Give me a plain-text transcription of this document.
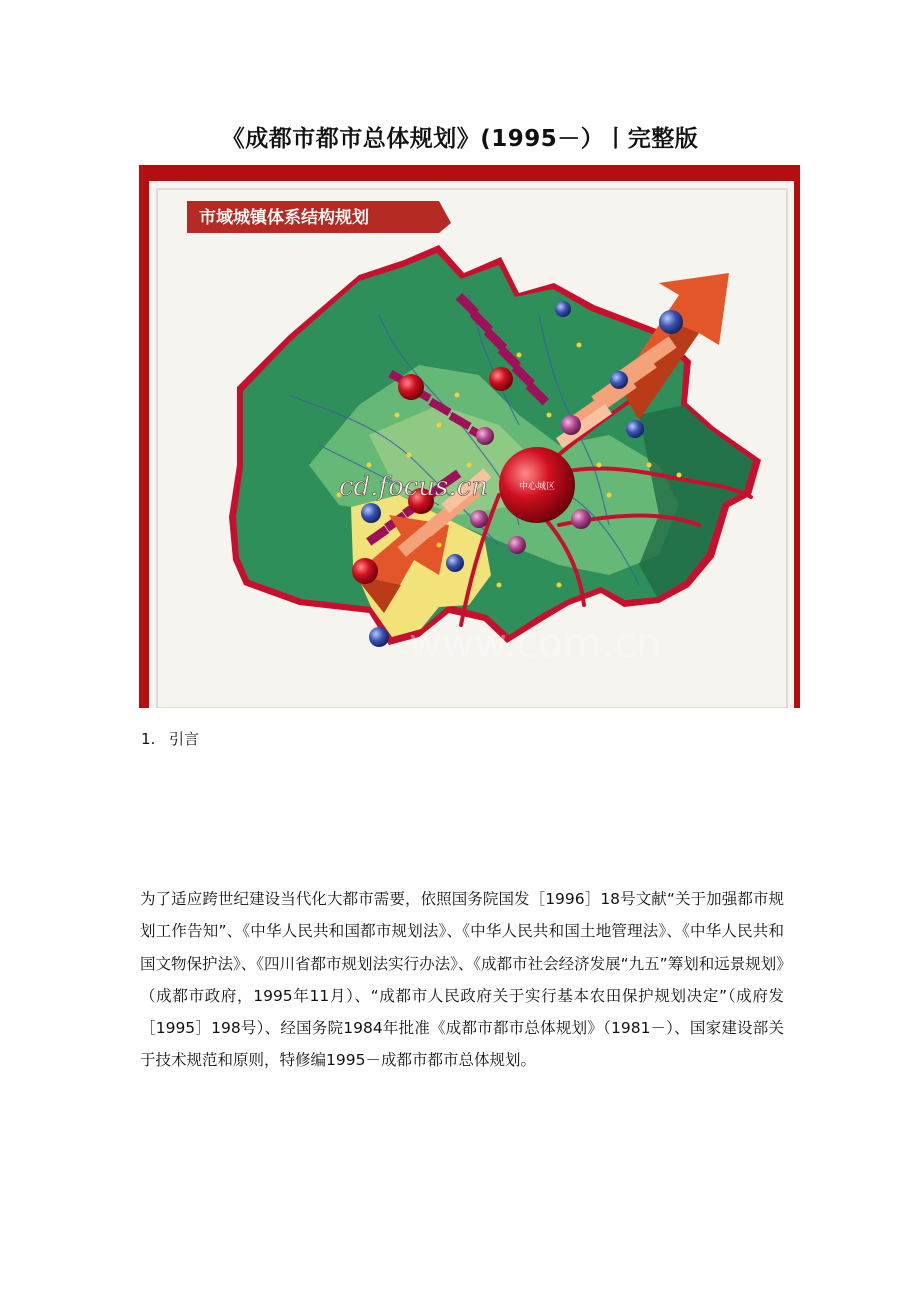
《成都市都市总体规划》(1995－）丨完整版
市域城镇体系结构规划
中心城区
cd.focus.cn
www.com.cn
1. 引言
为了适应跨世纪建设当代化大都市需要，依照国务院国发［1996］18号文献“关于加强都市规划工作告知”、《中华人民共和国都市规划法》、《中华人民共和国土地管理法》、《中华人民共和国文物保护法》、《四川省都市规划法实行办法》、《成都市社会经济发展“九五”筹划和远景规划》（成都市政府，1995年11月）、“成都市人民政府关于实行基本农田保护规划决定”（成府发［1995］198号）、经国务院1984年批准《成都市都市总体规划》（1981－）、国家建设部关于技术规范和原则，特修编1995－成都市都市总体规划。
